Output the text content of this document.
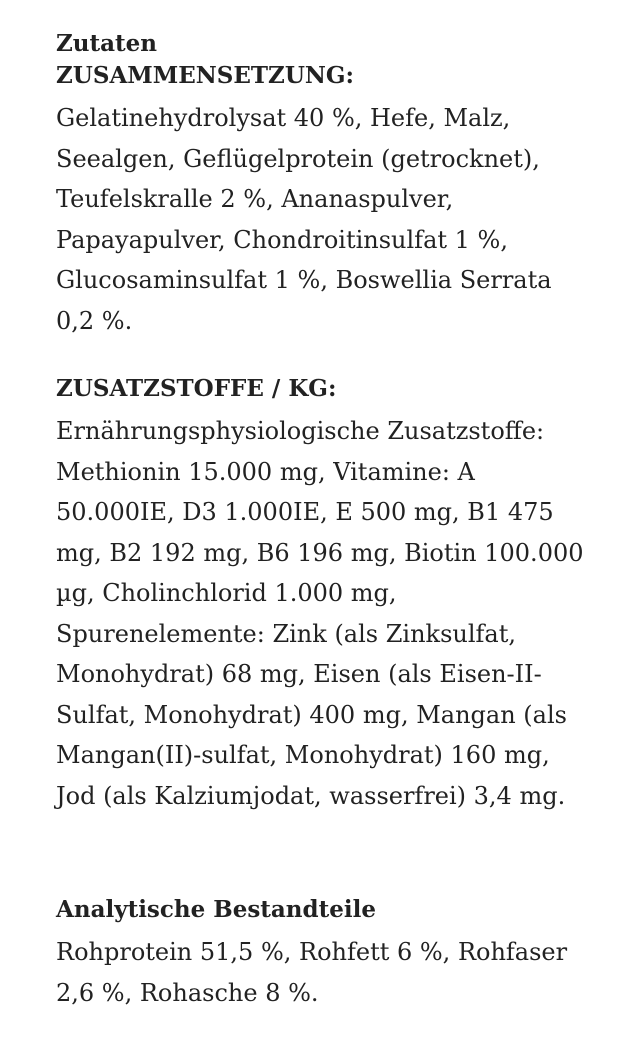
Zutaten
ZUSAMMENSETZUNG:

Gelatinehydrolysat 40 %, Hefe, Malz, Seealgen, Geflügelprotein (getrocknet), Teufelskralle 2 %, Ananaspulver, Papayapulver, Chondroitinsulfat 1 %, Glucosaminsulfat 1 %, Boswellia Serrata 0,2 %.

ZUSATZSTOFFE / KG:

Ernährungsphysiologische Zusatzstoffe: Methionin 15.000 mg, Vitamine: A 50.000IE, D3 1.000IE, E 500 mg, B1 475 mg, B2 192 mg, B6 196 mg, Biotin 100.000 µg, Cholinchlorid 1.000 mg, Spurenelemente: Zink (als Zinksulfat, Monohydrat) 68 mg, Eisen (als Eisen-II-Sulfat, Monohydrat) 400 mg, Mangan (als Mangan(II)-sulfat, Monohydrat) 160 mg, Jod (als Kalziumjodat, wasserfrei) 3,4 mg.

Analytische Bestandteile

Rohprotein 51,5 %, Rohfett 6 %, Rohfaser 2,6 %, Rohasche 8 %.
